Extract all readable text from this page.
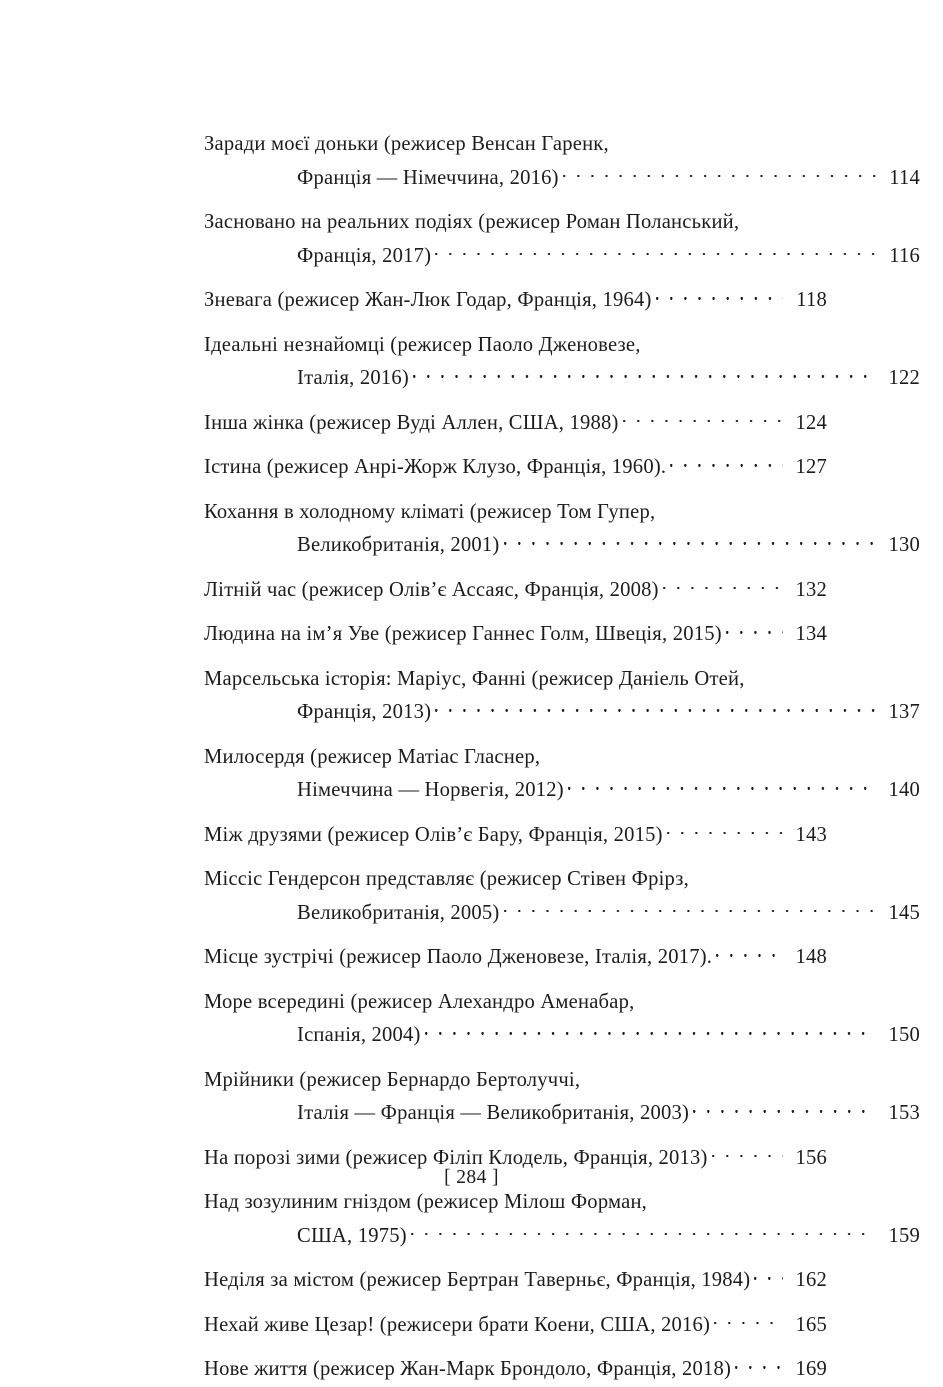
Заради моєї доньки (режисер Венсан Гаренк,
Франція — Німеччина, 2016)	114
Засновано на реальних подіях (режисер Роман Поланський,
Франція, 2017)	116
Зневага (режисер Жан-Люк Годар, Франція, 1964)	118
Ідеальні незнайомці (режисер Паоло Дженовезе,
Італія, 2016)	122
Інша жінка (режисер Вуді Аллен, США, 1988)	124
Істина (режисер Анрі-Жорж Клузо, Франція, 1960).	127
Кохання в холодному кліматі (режисер Том Гупер,
Великобританія, 2001)	130
Літній час (режисер Олів’є Ассаяс, Франція, 2008)	132
Людина на ім’я Уве (режисер Ганнес Голм, Швеція, 2015)	134
Марсельська історія: Маріус, Фанні (режисер Даніель Отей,
Франція, 2013)	137
Милосердя (режисер Матіас Гласнер,
Німеччина — Норвегія, 2012)	140
Між друзями (режисер Олів’є Бару, Франція, 2015)	143
Міссіс Гендерсон представляє (режисер Стівен Фрірз,
Великобританія, 2005)	145
Місце зустрічі (режисер Паоло Дженовезе, Італія, 2017).	148
Море всередині (режисер Алехандро Аменабар,
Іспанія, 2004)	150
Мрійники (режисер Бернардо Бертолуччі,
Італія — Франція — Великобританія, 2003)	153
На порозі зими (режисер Філіп Клодель, Франція, 2013)	156
Над зозулиним гніздом (режисер Мілош Форман,
США, 1975)	159
Неділя за містом (режисер Бертран Таверньє, Франція, 1984)	162
Нехай живе Цезар! (режисери брати Коени, США, 2016)	165
Нове життя (режисер Жан-Марк Брондоло, Франція, 2018)	169
[ 284 ]
